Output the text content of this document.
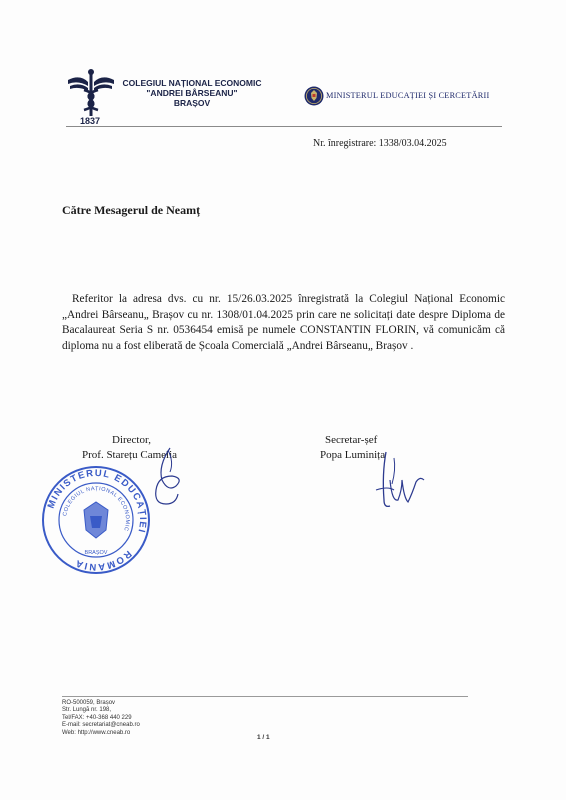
COLEGIUL NAȚIONAL ECONOMIC
"ANDREI BÂRSEANU"
BRAȘOV
1837
MINISTERUL EDUCAȚIEI ȘI CERCETĂRII
Nr. înregistrare: 1338/03.04.2025
Către Mesagerul de Neamț
Referitor la adresa dvs. cu nr. 15/26.03.2025 înregistrată la Colegiul Național Economic „Andrei Bârseanu„ Brașov cu nr. 1308/01.04.2025 prin care ne solicitați date despre Diploma de Bacalaureat Seria S nr. 0536454 emisă pe numele CONSTANTIN FLORIN, vă comunicăm că diploma nu a fost eliberată de Școala Comercială „Andrei Bârseanu„ Brașov .
Director,
Prof. Starețu Camelia
Secretar-șef
Popa Luminița
MINISTERUL EDUCAȚIEI
ROMANIA
COLEGIUL NAȚIONAL ECONOMIC
BRAȘOV
RO-500059, Brașov
Str. Lungă nr. 198,
Tel/FAX: +40-368 440 229
E-mail: secretariat@cneab.ro
Web: http://www.cneab.ro
1 / 1
